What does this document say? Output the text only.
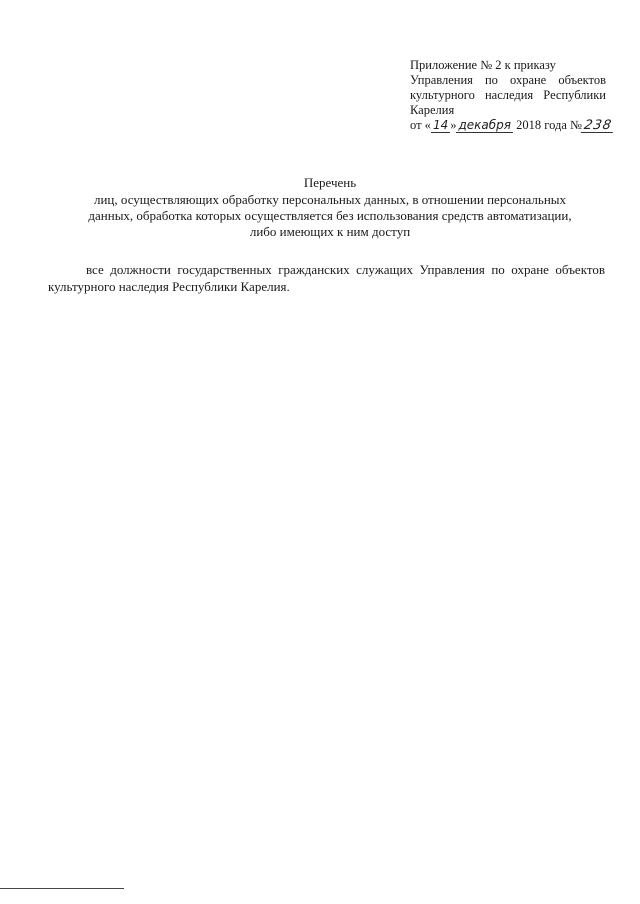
Приложение № 2 к приказу
Управления по охране объектов культурного наследия Республики Карелия
от « 14 » декабря 2018 года №238
Перечень
лиц, осуществляющих обработку персональных данных, в отношении персональных
данных, обработка которых осуществляется без использования средств автоматизации,
либо имеющих к ним доступ
все должности государственных гражданских служащих Управления по охране объектов культурного наследия Республики Карелия.
